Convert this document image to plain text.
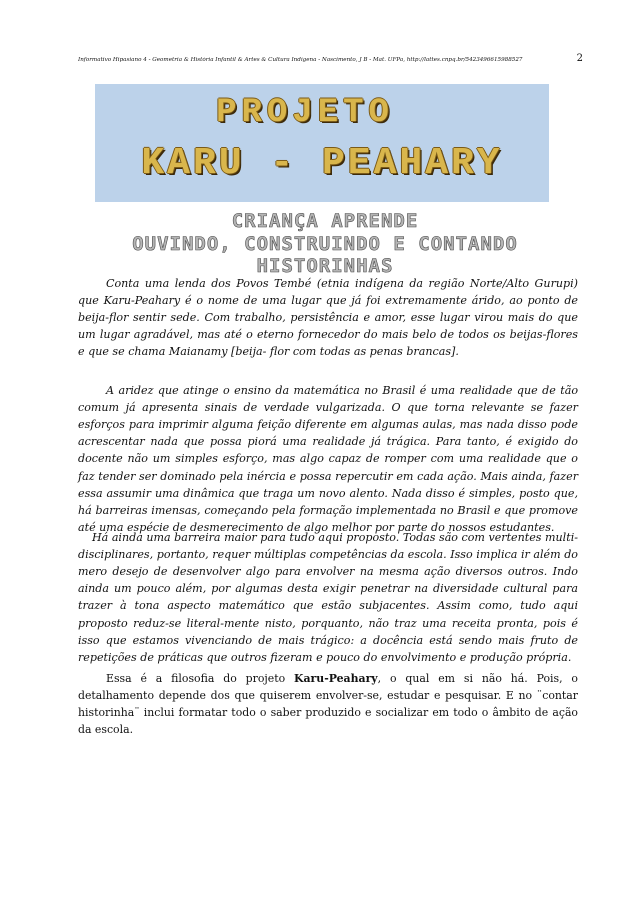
Informativo Hipasiano 4 - Geometria & História Infantil & Artes & Cultura Indígena - Nascimento, J B - Mat. UFPa, http://lattes.cnpq.br/5423496615988527	2
PROJETO
KARU - PEAHARY
CRIANÇA APRENDE
OUVINDO, CONSTRUINDO E CONTANDO HISTORINHAS

Conta uma lenda dos Povos Tembé (etnia indígena da região Norte/Alto Gurupi) que Karu-Peahary é o nome de uma lugar que já foi extremamente árido, ao ponto de beija-flor sentir sede. Com trabalho, persistência e amor, esse lugar virou mais do que um lugar agradável, mas até o eterno fornecedor do mais belo de todos os beijas-flores e que se chama Maianamy [beija- flor com todas as penas brancas].

A aridez que atinge o ensino da matemática no Brasil é uma realidade que de tão comum já apresenta sinais de verdade vulgarizada. O que torna relevante se fazer esforços para imprimir alguma feição diferente em algumas aulas, mas nada disso pode acrescentar nada que possa piorá uma realidade já trágica. Para tanto, é exigido do docente não um simples esforço, mas algo capaz de romper com uma realidade que o faz tender ser dominado pela inércia e possa repercutir em cada ação. Mais ainda, fazer essa assumir uma dinâmica que traga um novo alento. Nada disso é simples, posto que, há barreiras imensas, começando pela formação implementada no Brasil e que promove até uma espécie de desmerecimento de algo melhor por parte do nossos estudantes.

Há ainda uma barreira maior para tudo aqui proposto. Todas são com vertentes multi-disciplinares, portanto, requer múltiplas competências da escola. Isso implica ir além do mero desejo de desenvolver algo para envolver na mesma ação diversos outros. Indo ainda um pouco além, por algumas desta exigir penetrar na diversidade cultural para trazer à tona aspecto matemático que estão subjacentes. Assim como, tudo aqui proposto reduz-se literal-mente nisto, porquanto, não traz uma receita pronta, pois é isso que estamos vivenciando de mais trágico: a docência está sendo mais fruto de repetições de práticas que outros fizeram e pouco do envolvimento e produção própria.

Essa é a filosofia do projeto Karu-Peahary, o qual em si não há. Pois, o detalhamento depende dos que quiserem envolver-se, estudar e pesquisar. E no ¨contar historinha¨ inclui formatar todo o saber produzido e socializar em todo o âmbito de ação da escola.
